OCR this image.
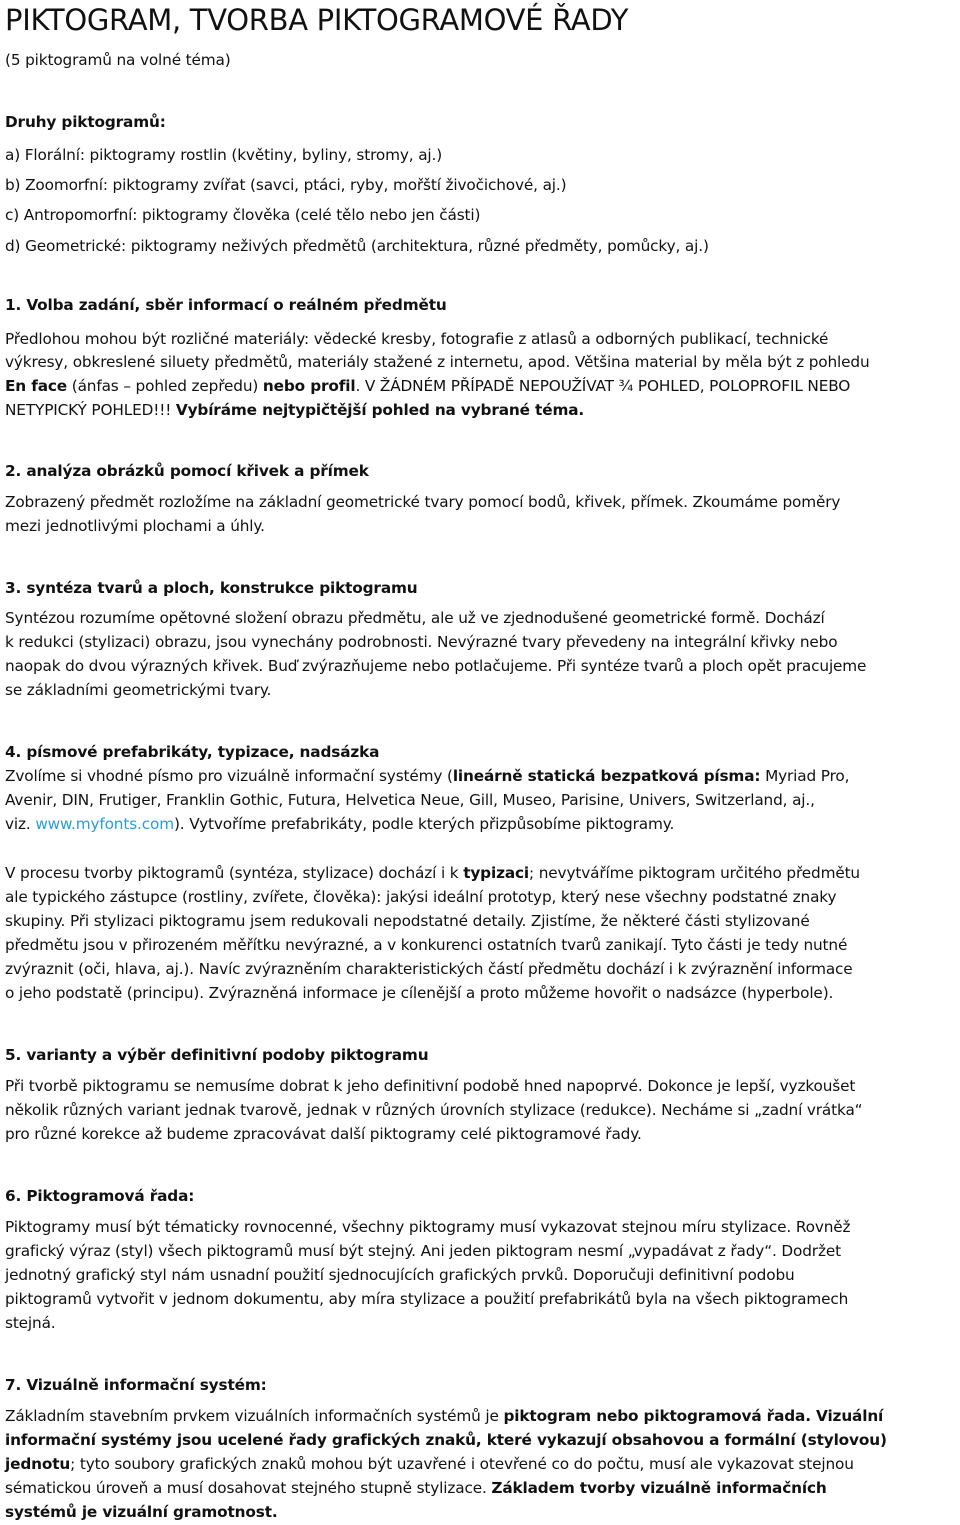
PIKTOGRAM, TVORBA PIKTOGRAMOVÉ ŘADY

(5 piktogramů na volné téma)

Druhy piktogramů:

a) Florální: piktogramy rostlin (květiny, byliny, stromy, aj.)

b) Zoomorfní: piktogramy zvířat (savci, ptáci, ryby, mořští živočichové, aj.)

c) Antropomorfní: piktogramy člověka (celé tělo nebo jen části)

d) Geometrické: piktogramy neživých předmětů (architektura, různé předměty, pomůcky, aj.)

1. Volba zadání, sběr informací o reálném předmětu

Předlohou mohou být rozličné materiály: vědecké kresby, fotografie z atlasů a odborných publikací, technické

výkresy, obkreslené siluety předmětů, materiály stažené z internetu, apod. Většina material by měla být z pohledu

En face (ánfas – pohled zepředu) nebo profil. V ŽÁDNÉM PŘÍPADĚ NEPOUŽÍVAT ¾ POHLED, POLOPROFIL NEBO

NETYPICKÝ POHLED!!! Vybíráme nejtypičtější pohled na vybrané téma.

2. analýza obrázků pomocí křivek a přímek

Zobrazený předmět rozložíme na základní geometrické tvary pomocí bodů, křivek, přímek. Zkoumáme poměry

mezi jednotlivými plochami a úhly.

3. syntéza tvarů a ploch, konstrukce piktogramu

Syntézou rozumíme opětovné složení obrazu předmětu, ale už ve zjednodušené geometrické formě. Dochází

k redukci (stylizaci) obrazu, jsou vynechány podrobnosti. Nevýrazné tvary převedeny na integrální křivky nebo

naopak do dvou výrazných křivek. Buď zvýrazňujeme nebo potlačujeme. Při syntéze tvarů a ploch opět pracujeme

se základními geometrickými tvary.

4. písmové prefabrikáty, typizace, nadsázka

Zvolíme si vhodné písmo pro vizuálně informační systémy (lineárně statická bezpatková písma: Myriad Pro,

Avenir, DIN, Frutiger, Franklin Gothic, Futura, Helvetica Neue, Gill, Museo, Parisine, Univers, Switzerland, aj.,

viz. www.myfonts.com). Vytvoříme prefabrikáty, podle kterých přizpůsobíme piktogramy.

V procesu tvorby piktogramů (syntéza, stylizace) dochází i k typizaci; nevytváříme piktogram určitého předmětu

ale typického zástupce (rostliny, zvířete, člověka): jakýsi ideální prototyp, který nese všechny podstatné znaky

skupiny. Při stylizaci piktogramu jsem redukovali nepodstatné detaily. Zjistíme, že některé části stylizované

předmětu jsou v přirozeném měřítku nevýrazné, a v konkurenci ostatních tvarů zanikají. Tyto části je tedy nutné

zvýraznit (oči, hlava, aj.). Navíc zvýrazněním charakteristických částí předmětu dochází i k zvýraznění informace

o jeho podstatě (principu). Zvýrazněná informace je cílenější a proto můžeme hovořit o nadsázce (hyperbole).

5. varianty a výběr definitivní podoby piktogramu

Při tvorbě piktogramu se nemusíme dobrat k jeho definitivní podobě hned napoprvé. Dokonce je lepší, vyzkoušet

několik různých variant jednak tvarově, jednak v různých úrovních stylizace (redukce). Necháme si „zadní vrátka“

pro různé korekce až budeme zpracovávat další piktogramy celé piktogramové řady.

6. Piktogramová řada:

Piktogramy musí být tématicky rovnocenné, všechny piktogramy musí vykazovat stejnou míru stylizace. Rovněž

grafický výraz (styl) všech piktogramů musí být stejný. Ani jeden piktogram nesmí „vypadávat z řady“. Dodržet

jednotný grafický styl nám usnadní použití sjednocujících grafických prvků. Doporučuji definitivní podobu

piktogramů vytvořit v jednom dokumentu, aby míra stylizace a použití prefabrikátů byla na všech piktogramech

stejná.

7. Vizuálně informační systém:

Základním stavebním prvkem vizuálních informačních systémů je piktogram nebo piktogramová řada. Vizuální

informační systémy jsou ucelené řady grafických znaků, které vykazují obsahovou a formální (stylovou)

jednotu; tyto soubory grafických znaků mohou být uzavřené i otevřené co do počtu, musí ale vykazovat stejnou

sématickou úroveň a musí dosahovat stejného stupně stylizace. Základem tvorby vizuálně informačních

systémů je vizuální gramotnost.
